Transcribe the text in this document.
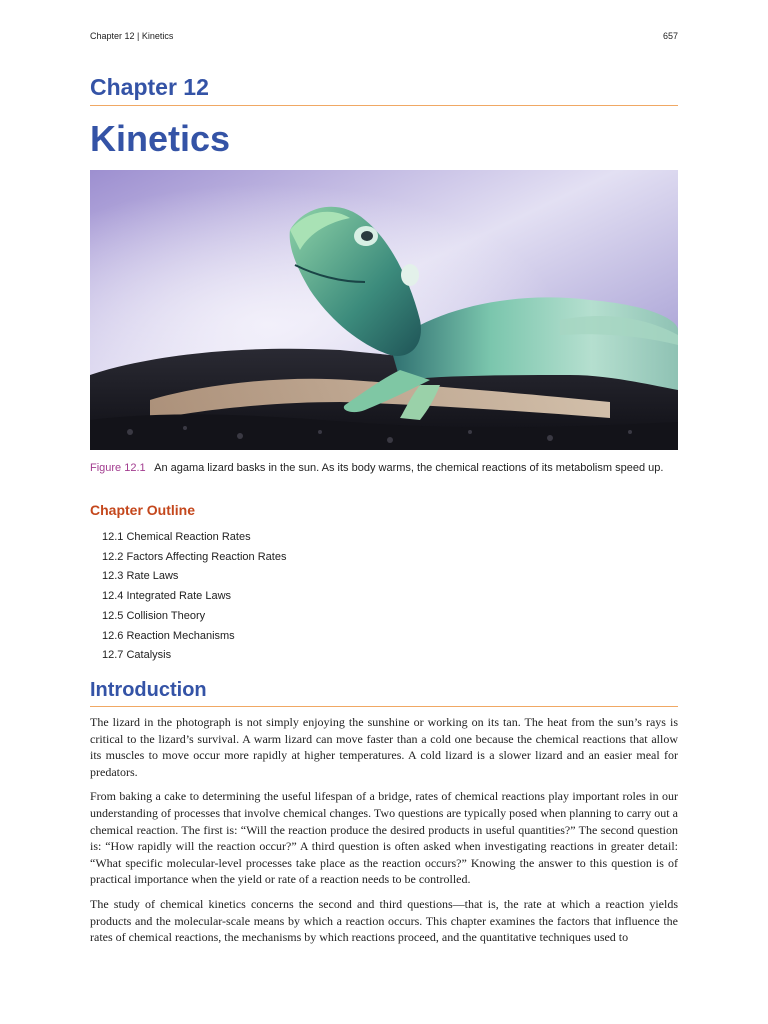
Chapter 12 | Kinetics	657
Chapter 12
Kinetics
Figure 12.1 An agama lizard basks in the sun. As its body warms, the chemical reactions of its metabolism speed up.
Chapter Outline
12.1 Chemical Reaction Rates
12.2 Factors Affecting Reaction Rates
12.3 Rate Laws
12.4 Integrated Rate Laws
12.5 Collision Theory
12.6 Reaction Mechanisms
12.7 Catalysis
Introduction

The lizard in the photograph is not simply enjoying the sunshine or working on its tan. The heat from the sun’s rays is critical to the lizard’s survival. A warm lizard can move faster than a cold one because the chemical reactions that allow its muscles to move occur more rapidly at higher temperatures. A cold lizard is a slower lizard and an easier meal for predators.

From baking a cake to determining the useful lifespan of a bridge, rates of chemical reactions play important roles in our understanding of processes that involve chemical changes. Two questions are typically posed when planning to carry out a chemical reaction. The first is: “Will the reaction produce the desired products in useful quantities?” The second question is: “How rapidly will the reaction occur?” A third question is often asked when investigating reactions in greater detail: “What specific molecular-level processes take place as the reaction occurs?” Knowing the answer to this question is of practical importance when the yield or rate of a reaction needs to be controlled.

The study of chemical kinetics concerns the second and third questions—that is, the rate at which a reaction yields products and the molecular-scale means by which a reaction occurs. This chapter examines the factors that influence the rates of chemical reactions, the mechanisms by which reactions proceed, and the quantitative techniques used to
